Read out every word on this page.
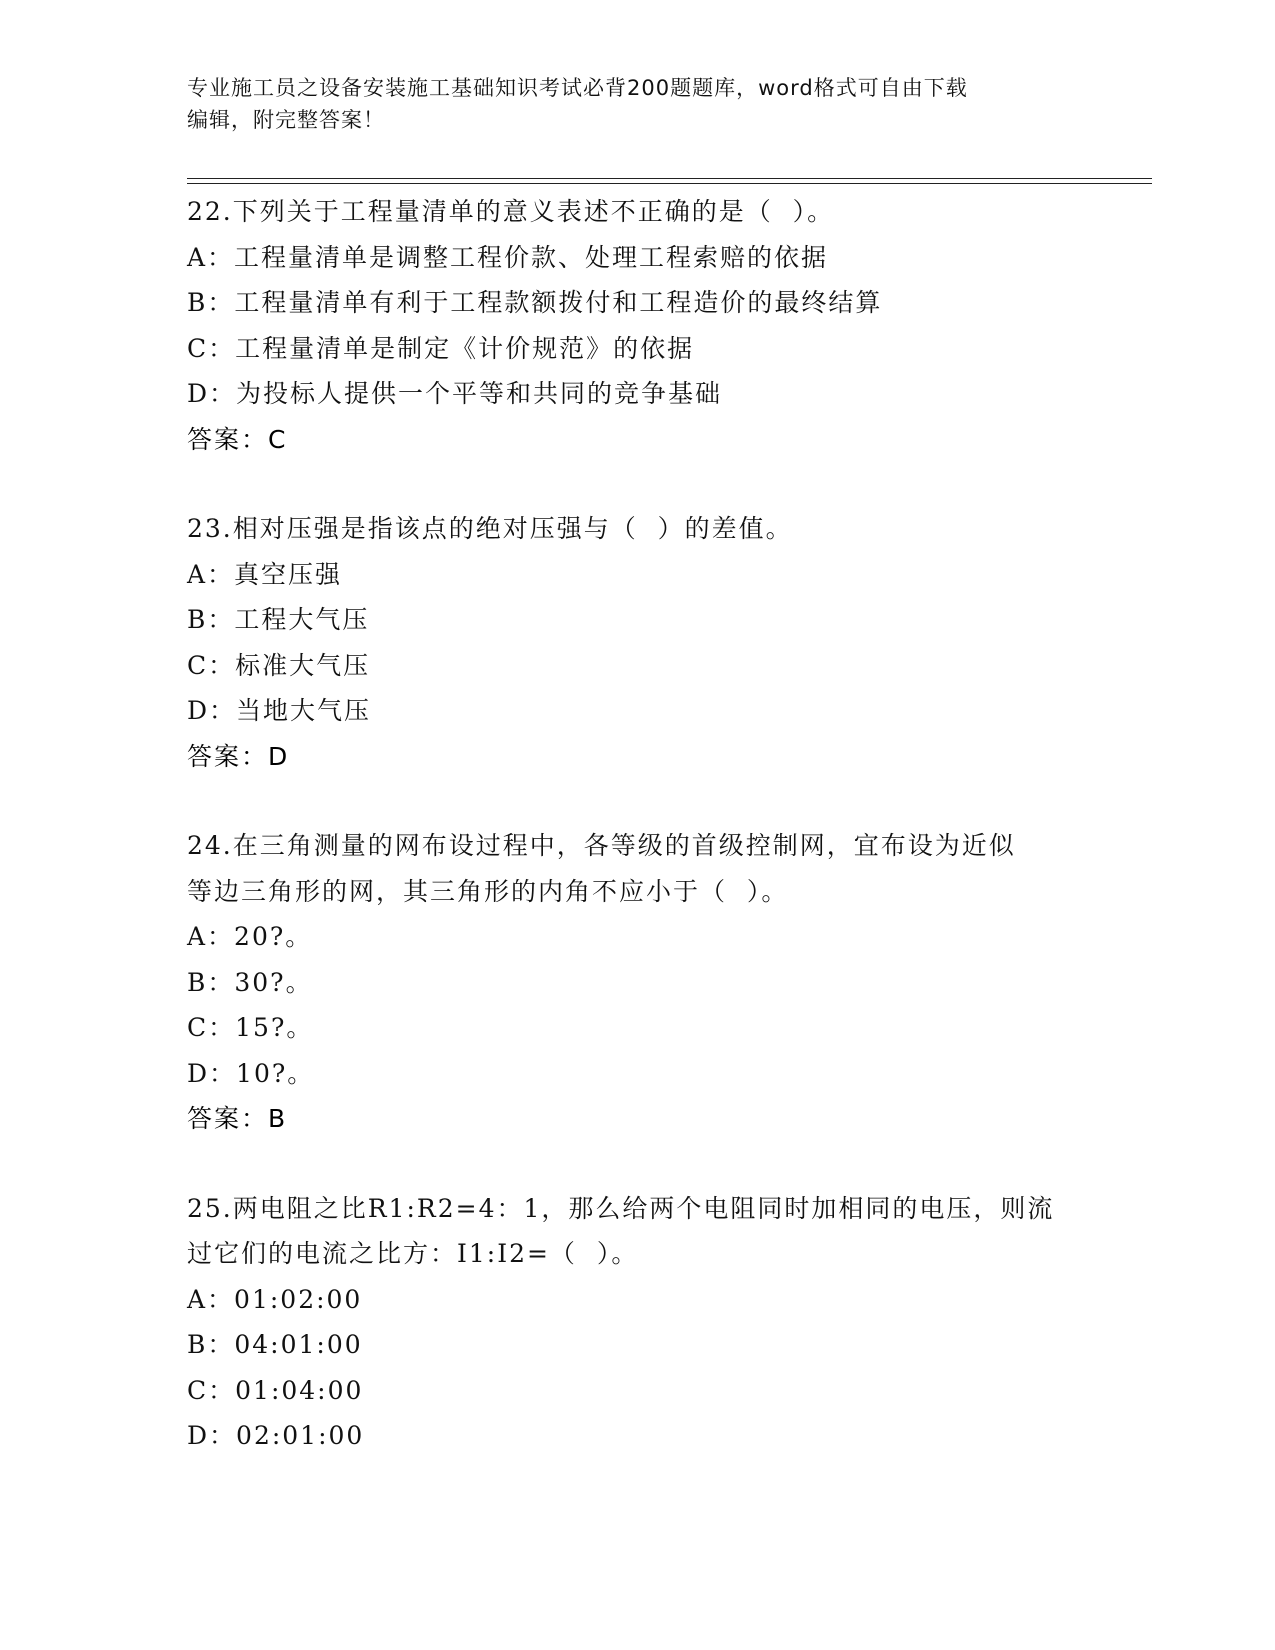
专业施工员之设备安装施工基础知识考试必背200题题库，word格式可自由下载
编辑，附完整答案！
22.下列关于工程量清单的意义表述不正确的是（  ）。
A：工程量清单是调整工程价款、处理工程索赔的依据
B：工程量清单有利于工程款额拨付和工程造价的最终结算
C：工程量清单是制定《计价规范》的依据
D：为投标人提供一个平等和共同的竞争基础
答案：C
23.相对压强是指该点的绝对压强与（  ）的差值。
A：真空压强
B：工程大气压
C：标准大气压
D：当地大气压
答案：D
24.在三角测量的网布设过程中，各等级的首级控制网，宜布设为近似
等边三角形的网，其三角形的内角不应小于（  ）。
A：20?。
B：30?。
C：15?。
D：10?。
答案：B
25.两电阻之比R1:R2=4：1，那么给两个电阻同时加相同的电压，则流
过它们的电流之比方：I1:I2=（  ）。
A：01:02:00
B：04:01:00
C：01:04:00
D：02:01:00
